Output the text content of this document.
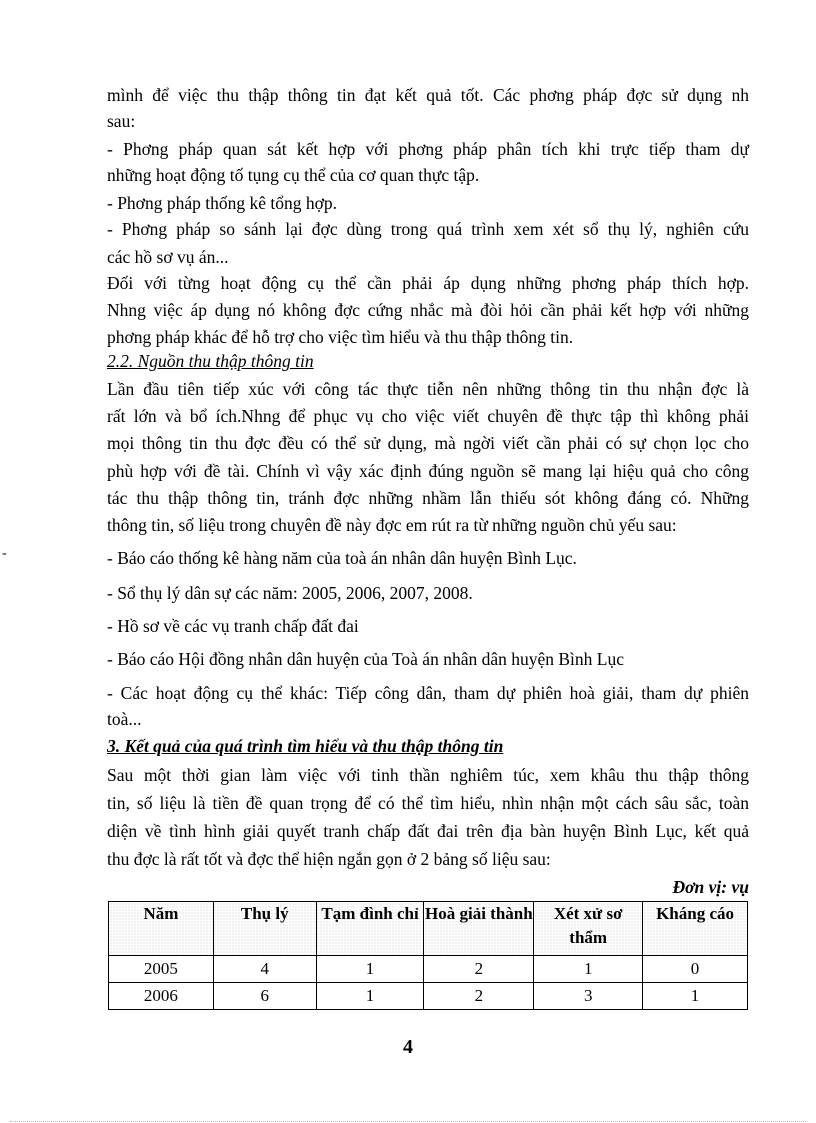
mình để việc thu thập thông tin đạt kết quả tốt. Các phơng pháp đợc sử dụng nh
sau:
- Phơng pháp quan sát kết hợp với phơng pháp phân tích khi trực tiếp tham dự
những hoạt động tố tụng cụ thể của cơ quan thực tập.
- Phơng pháp thống kê tổng hợp.
- Phơng pháp so sánh lại đợc dùng trong quá trình xem xét sổ thụ lý, nghiên cứu
các hồ sơ vụ án...
Đối với từng hoạt động cụ thể cần phải áp dụng những phơng pháp thích hợp.
Nhng việc áp dụng nó không đợc cứng nhắc mà đòi hỏi cần phải kết hợp với những
phơng pháp khác để hỗ trợ cho việc tìm hiểu và thu thập thông tin.
2.2. Nguồn thu thập thông tin
Lần đầu tiên tiếp xúc với công tác thực tiễn nên những thông tin thu nhận đợc là
rất lớn và bổ ích.Nhng để phục vụ cho việc viết chuyên đề thực tập thì không phải
mọi thông tin thu đợc đều có thể sử dụng, mà ngời viết cần phải có sự chọn lọc cho
phù hợp với đề tài. Chính vì vậy xác định đúng nguồn sẽ mang lại hiệu quả cho công
tác thu thập thông tin, tránh đợc những nhầm lẫn thiếu sót không đáng có. Những
thông tin, số liệu trong chuyên đề này đợc em rút ra từ những nguồn chủ yếu sau:
-	- Báo cáo thống kê hàng năm của toà án nhân dân huyện Bình Lục.
- Sổ thụ lý dân sự các năm: 2005, 2006, 2007, 2008.
- Hồ sơ về các vụ tranh chấp đất đai
- Báo cáo Hội đồng nhân dân huyện của Toà án nhân dân huyện Bình Lục
- Các hoạt động cụ thể khác: Tiếp công dân, tham dự phiên hoà giải, tham dự phiên
toà...
3. Kết quả của quá trình tìm hiểu và thu thập thông tin
Sau một thời gian làm việc với tinh thần nghiêm túc, xem khâu thu thập thông
tin, số liệu là tiền đề quan trọng để có thể tìm hiểu, nhìn nhận một cách sâu sắc, toàn
diện về tình hình giải quyết tranh chấp đất đai trên địa bàn huyện Bình Lục, kết quả
thu đợc là rất tốt và đợc thể hiện ngắn gọn ở 2 bảng số liệu sau:
Đơn vị: vụ
Năm	Thụ lý	Tạm đình chỉ	Hoà giải thành	Xét xử sơ thẩm	Kháng cáo
2005	4	1	2	1	0
2006	6	1	2	3	1
4
